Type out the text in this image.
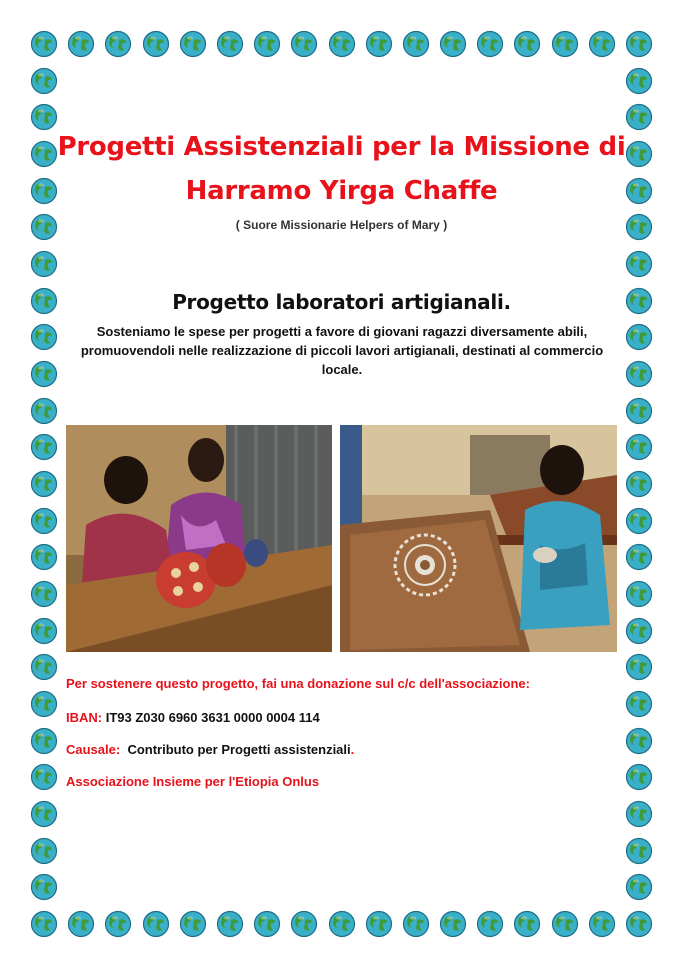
Progetti Assistenziali per la Missione di
Harramo Yirga Chaffe
( Suore Missionarie Helpers of Mary )
Progetto laboratori artigianali.
Sosteniamo le spese per progetti a favore di giovani ragazzi diversamente abili, promuovendoli nelle realizzazione di piccoli lavori artigianali, destinati al commercio locale.
Per sostenere questo progetto, fai una donazione sul c/c dell'associazione:
IBAN: IT93 Z030 6960 3631 0000 0004 114
Causale: Contributo per Progetti assistenziali.
Associazione Insieme per l'Etiopia Onlus
